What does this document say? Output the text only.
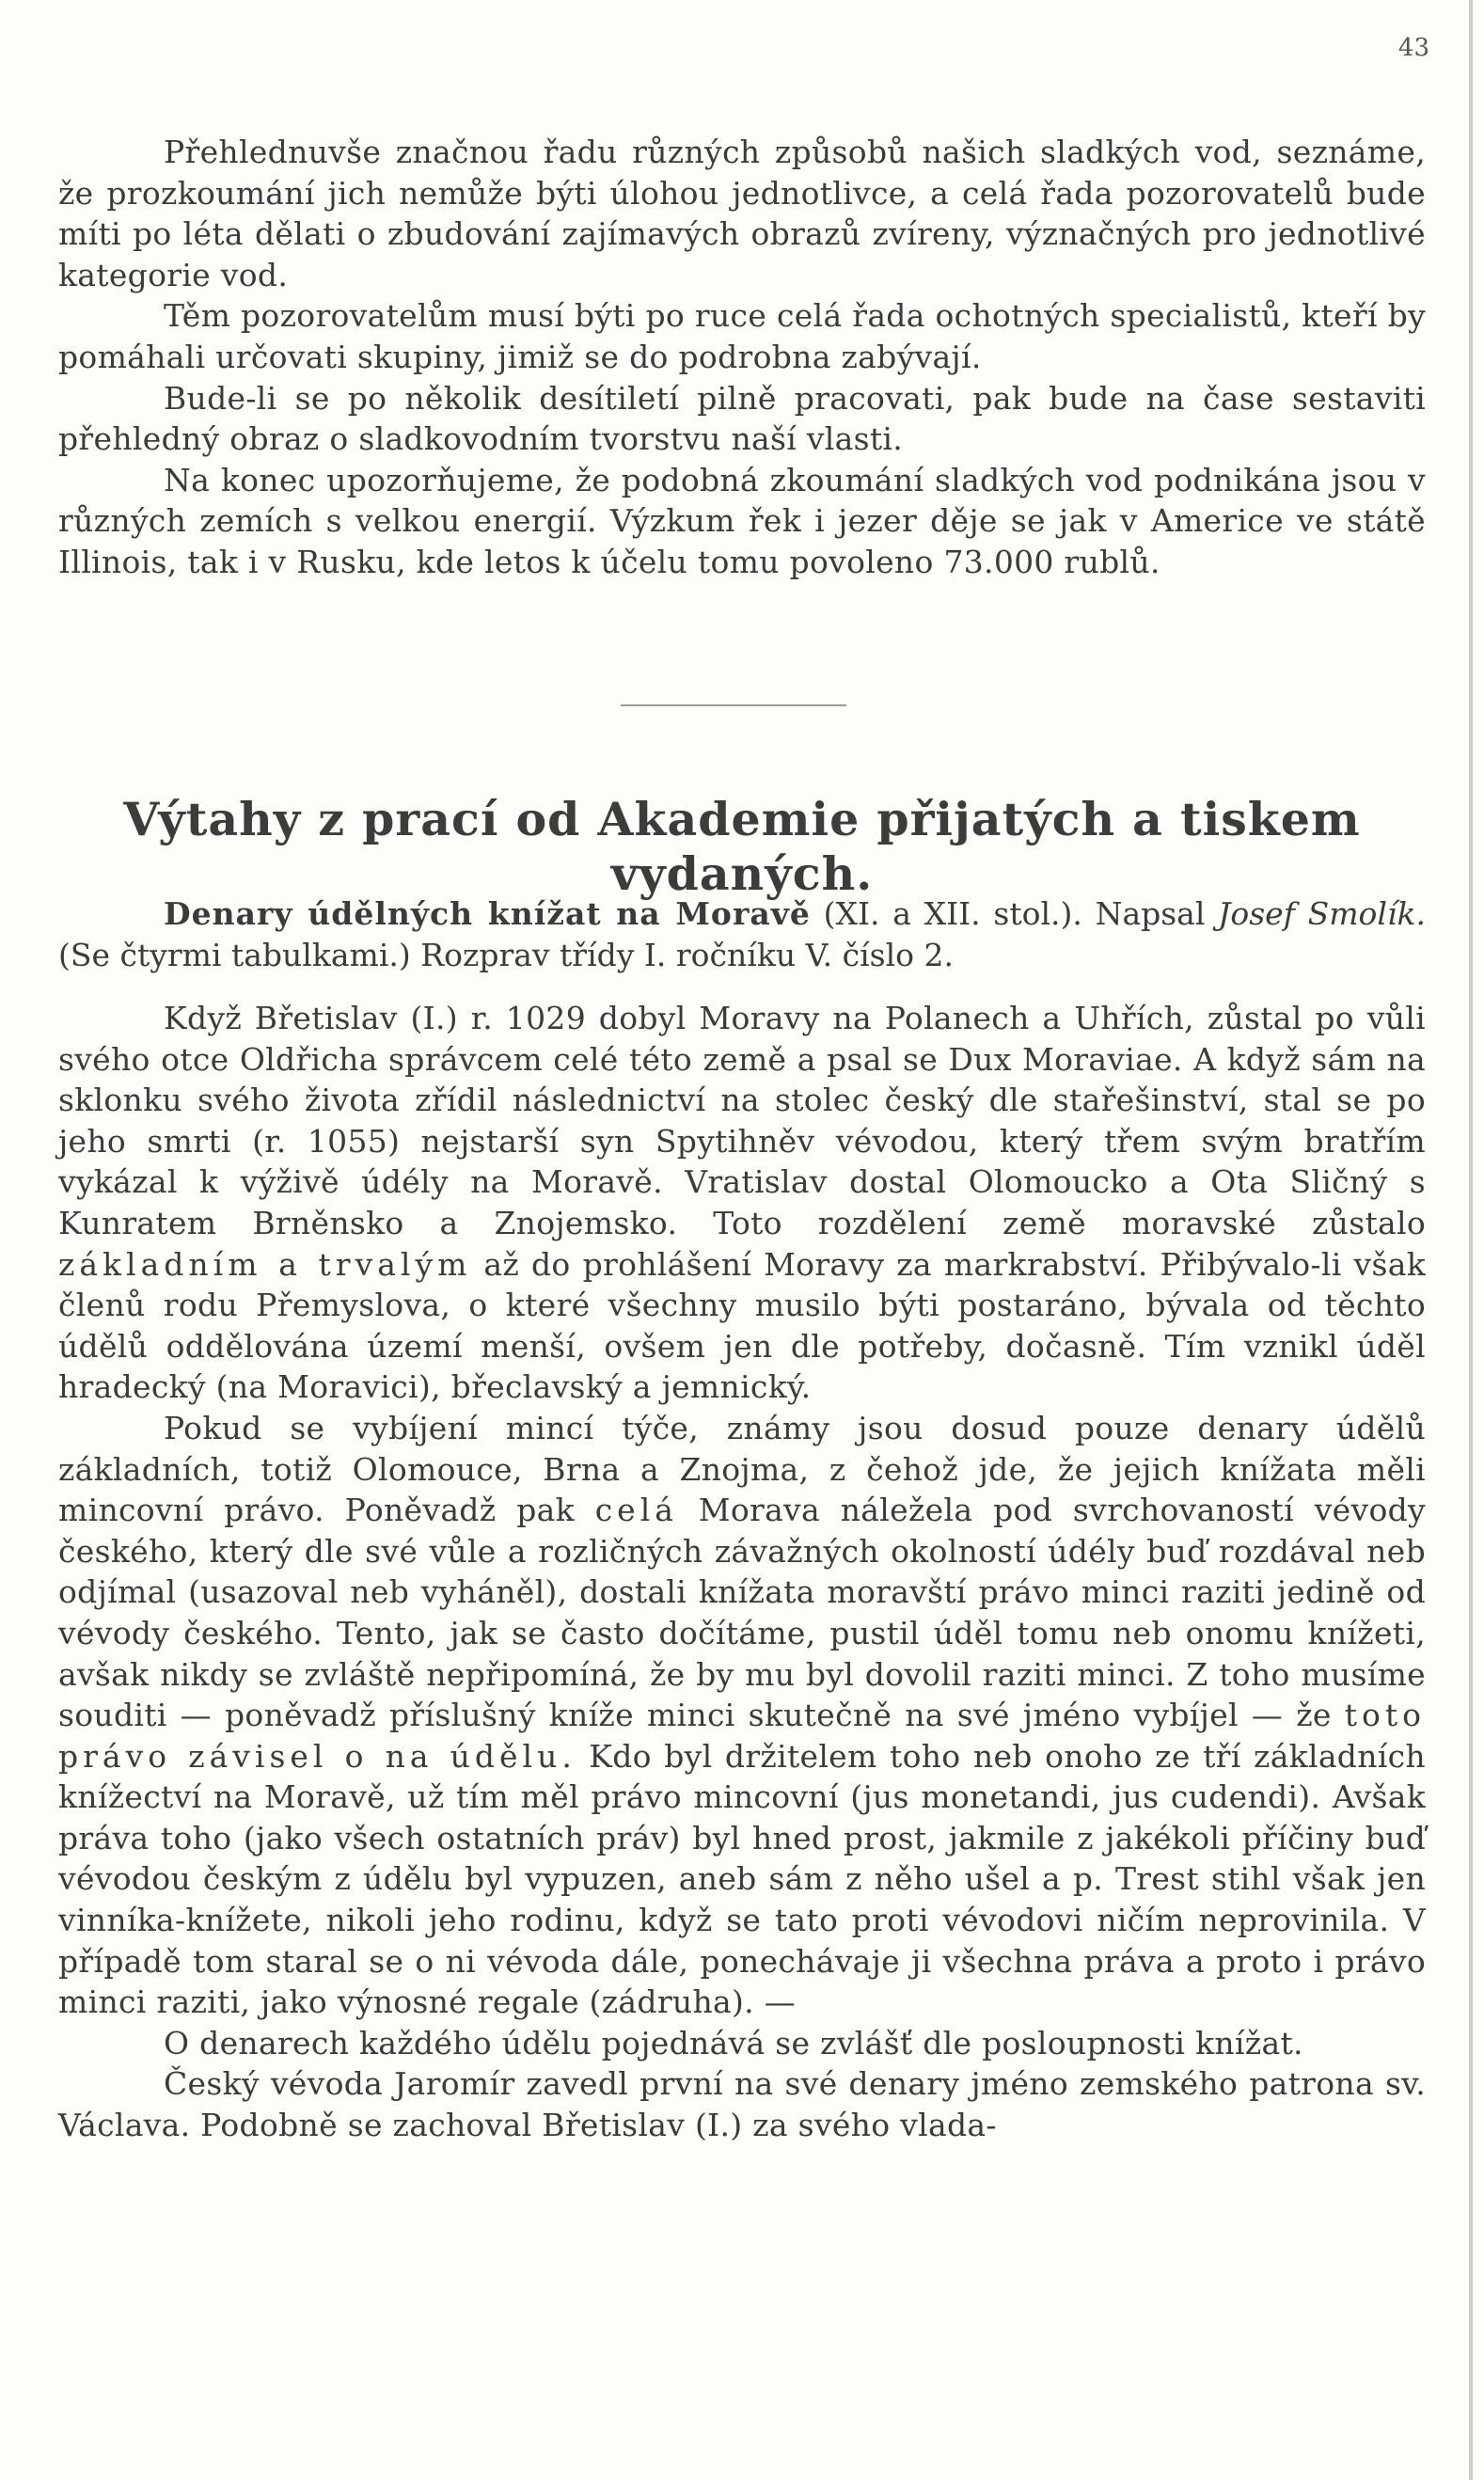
43

Přehlednuvše značnou řadu různých způsobů našich sladkých vod, seznáme, že prozkoumání jich nemůže býti úlohou jednotlivce, a celá řada pozorovatelů bude míti po léta dělati o zbudování zajímavých obrazů zvíreny, význačných pro jednotlivé kategorie vod.

Těm pozorovatelům musí býti po ruce celá řada ochotných specialistů, kteří by pomáhali určovati skupiny, jimiž se do podrobna zabývají.

Bude-li se po několik desítiletí pilně pracovati, pak bude na čase sestaviti přehledný obraz o sladkovodním tvorstvu naší vlasti.

Na konec upozorňujeme, že podobná zkoumání sladkých vod podnikána jsou v různých zemích s velkou energií. Výzkum řek i jezer děje se jak v Americe ve státě Illinois, tak i v Rusku, kde letos k účelu tomu povoleno 73.000 rublů.

Výtahy z prací od Akademie přijatých a tiskem vydaných.

Denary údělných knížat na Moravě (XI. a XII. stol.). Napsal Josef Smolík. (Se čtyrmi tabulkami.) Rozprav třídy I. ročníku V. číslo 2.

Když Břetislav (I.) r. 1029 dobyl Moravy na Polanech a Uhřích, zůstal po vůli svého otce Oldřicha správcem celé této země a psal se Dux Moraviae. A když sám na sklonku svého života zřídil následnictví na stolec český dle stařešinství, stal se po jeho smrti (r. 1055) nejstarší syn Spytihněv vévodou, který třem svým bratřím vykázal k výživě údély na Moravě. Vratislav dostal Olomoucko a Ota Sličný s Kunratem Brněnsko a Znojemsko. Toto rozdělení země moravské zůstalo základním a trvalým až do prohlášení Moravy za markrabství. Přibývalo-li však členů rodu Přemyslova, o které všechny musilo býti postaráno, bývala od těchto údělů oddělována území menší, ovšem jen dle potřeby, dočasně. Tím vznikl úděl hradecký (na Moravici), břeclavský a jemnický.

Pokud se vybíjení mincí týče, známy jsou dosud pouze denary údělů základních, totiž Olomouce, Brna a Znojma, z čehož jde, že jejich knížata měli mincovní právo. Poněvadž pak celá Morava náležela pod svrchovaností vévody českého, který dle své vůle a rozličných závažných okolností údély buď rozdával neb odjímal (usazoval neb vyháněl), dostali knížata moravští právo minci raziti jedině od vévody českého. Tento, jak se často dočítáme, pustil úděl tomu neb onomu knížeti, avšak nikdy se zvláště nepřipomíná, že by mu byl dovolil raziti minci. Z toho musíme souditi — poněvadž příslušný kníže minci skutečně na své jméno vybíjel — že toto právo závisel o na údělu. Kdo byl držitelem toho neb onoho ze tří základních knížectví na Moravě, už tím měl právo mincovní (jus monetandi, jus cudendi). Avšak práva toho (jako všech ostatních práv) byl hned prost, jakmile z jakékoli příčiny buď vévodou českým z údělu byl vypuzen, aneb sám z něho ušel a p. Trest stihl však jen vinníka-knížete, nikoli jeho rodinu, když se tato proti vévodovi ničím neprovinila. V případě tom staral se o ni vévoda dále, ponechávaje ji všechna práva a proto i právo minci raziti, jako výnosné regale (zádruha). —

O denarech každého údělu pojednává se zvlášť dle posloupnosti knížat.

Český vévoda Jaromír zavedl první na své denary jméno zemského patrona sv. Václava. Podobně se zachoval Břetislav (I.) za svého vlada-
